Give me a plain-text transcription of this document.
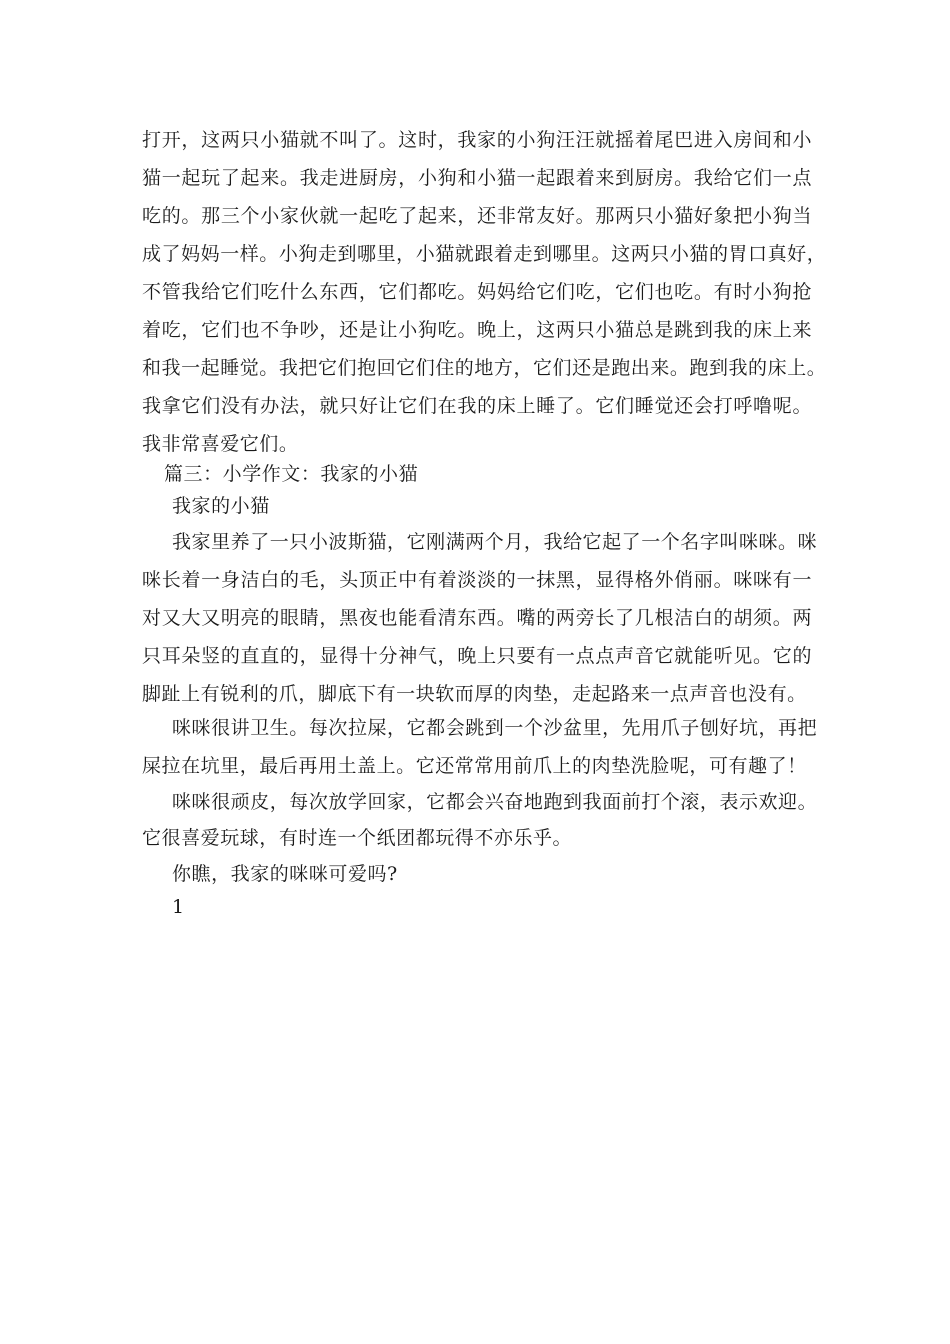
打开，这两只小猫就不叫了。这时，我家的小狗汪汪就摇着尾巴进入房间和小
猫一起玩了起来。我走进厨房，小狗和小猫一起跟着来到厨房。我给它们一点
吃的。那三个小家伙就一起吃了起来，还非常友好。那两只小猫好象把小狗当
成了妈妈一样。小狗走到哪里，小猫就跟着走到哪里。这两只小猫的胃口真好，
不管我给它们吃什么东西，它们都吃。妈妈给它们吃，它们也吃。有时小狗抢
着吃，它们也不争吵，还是让小狗吃。晚上，这两只小猫总是跳到我的床上来
和我一起睡觉。我把它们抱回它们住的地方，它们还是跑出来。跑到我的床上。
我拿它们没有办法，就只好让它们在我的床上睡了。它们睡觉还会打呼噜呢。
我非常喜爱它们。
篇三：小学作文：我家的小猫
我家的小猫
我家里养了一只小波斯猫，它刚满两个月，我给它起了一个名字叫咪咪。咪
咪长着一身洁白的毛，头顶正中有着淡淡的一抹黑，显得格外俏丽。咪咪有一
对又大又明亮的眼睛，黑夜也能看清东西。嘴的两旁长了几根洁白的胡须。两
只耳朵竖的直直的，显得十分神气，晚上只要有一点点声音它就能听见。它的
脚趾上有锐利的爪，脚底下有一块软而厚的肉垫，走起路来一点声音也没有。
咪咪很讲卫生。每次拉屎，它都会跳到一个沙盆里，先用爪子刨好坑，再把
屎拉在坑里，最后再用土盖上。它还常常用前爪上的肉垫洗脸呢，可有趣了！
咪咪很顽皮，每次放学回家，它都会兴奋地跑到我面前打个滚，表示欢迎。
它很喜爱玩球，有时连一个纸团都玩得不亦乐乎。
你瞧，我家的咪咪可爱吗?
1
